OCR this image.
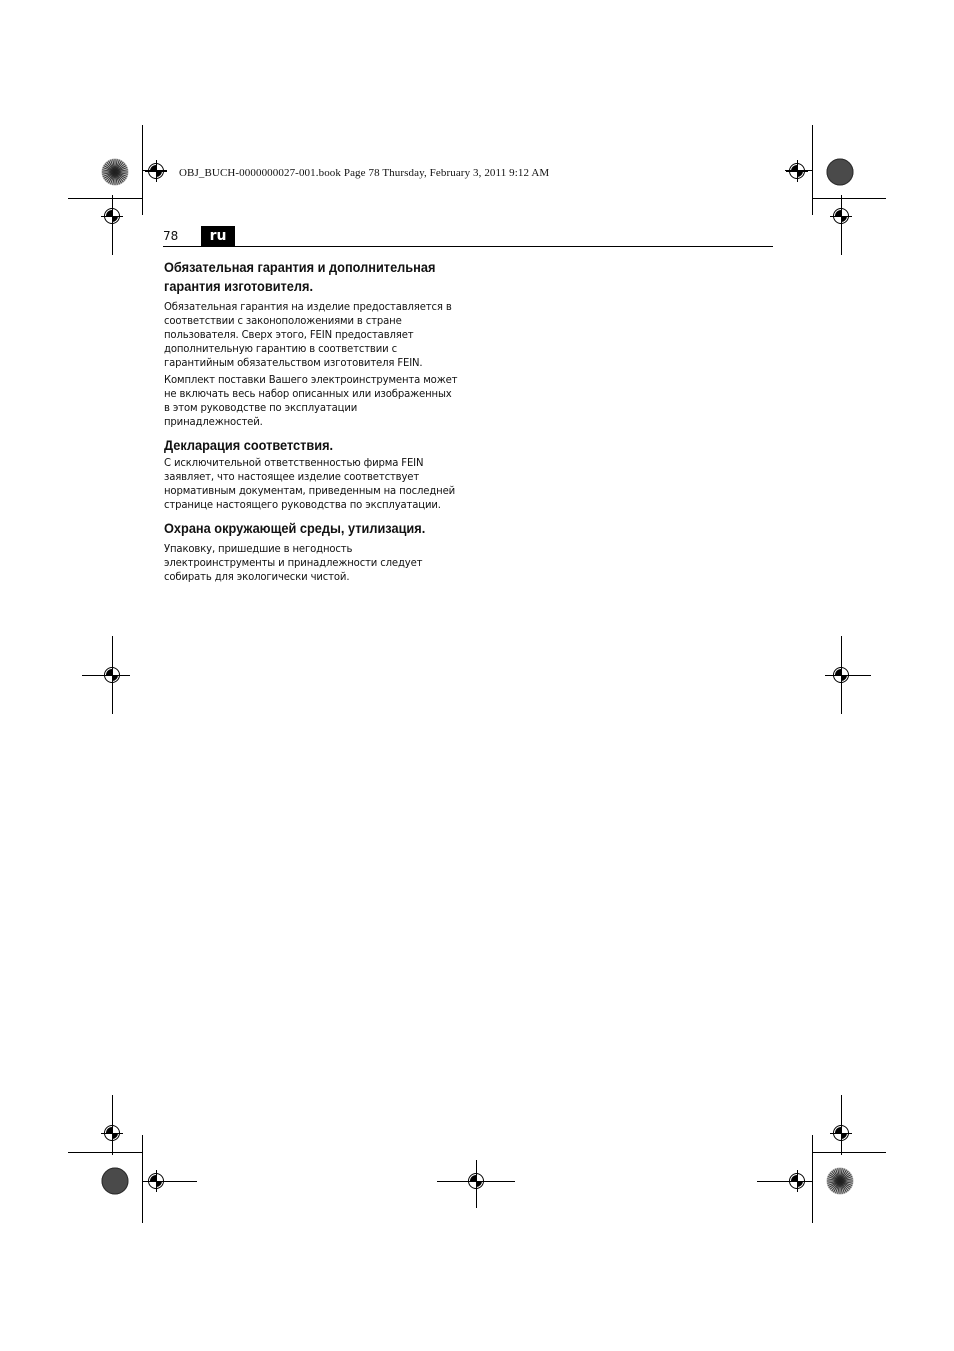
OBJ_BUCH-0000000027-001.book Page 78 Thursday, February 3, 2011 9:12 AM
78	ru
Обязательная гарантия и дополнительная гарантия изготовителя.

Обязательная гарантия на изделие предоставляется в соответствии с законоположениями в стране пользователя. Сверх этого, FEIN предоставляет дополнительную гарантию в соответствии с гарантийным обязательством изготовителя FEIN.

Комплект поставки Вашего электроинструмента может не включать весь набор описанных или изображенных в этом руководстве по эксплуатации принадлежностей.

Декларация соответствия.

С исключительной ответственностью фирма FEIN заявляет, что настоящее изделие соответствует нормативным документам, приведенным на последней странице настоящего руководства по эксплуатации.

Охрана окружающей среды, утилизация.

Упаковку, пришедшие в негодность электроинструменты и принадлежности следует собирать для экологически чистой.
